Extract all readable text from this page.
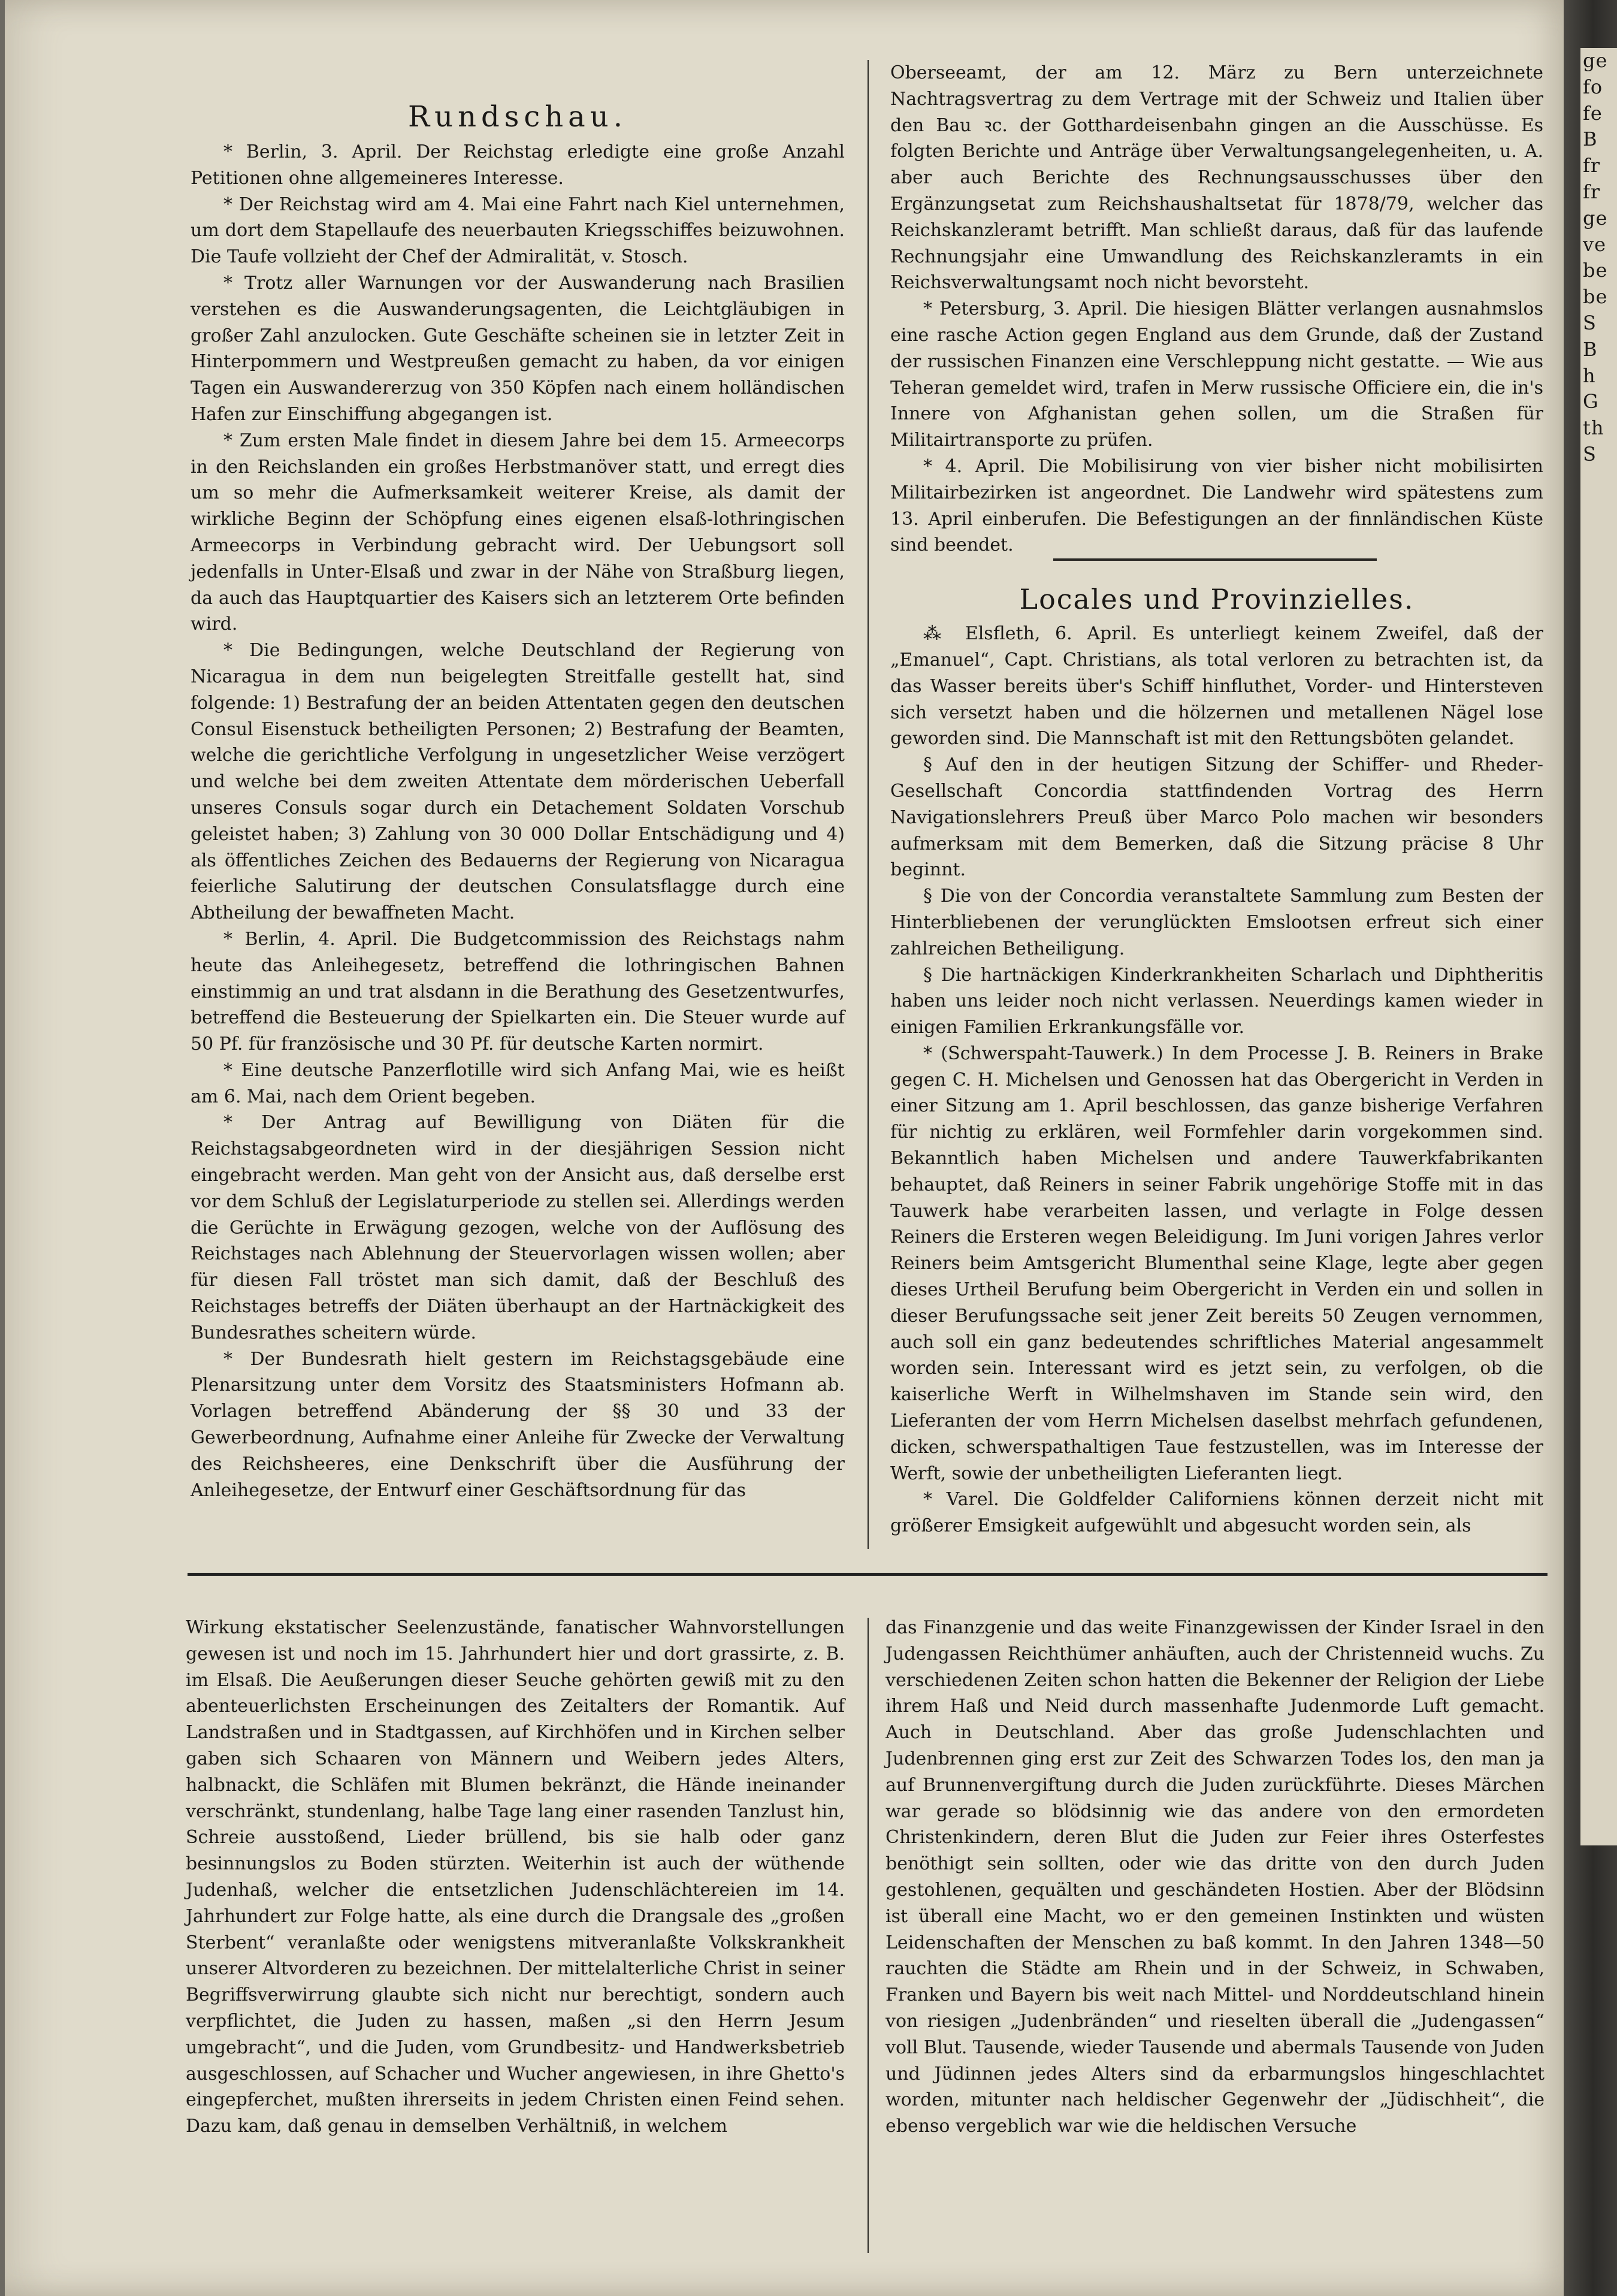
Rundschau.

* Berlin, 3. April. Der Reichstag erledigte eine große Anzahl Petitionen ohne allgemeineres Interesse.

* Der Reichstag wird am 4. Mai eine Fahrt nach Kiel unternehmen, um dort dem Stapellaufe des neuerbauten Kriegsschiffes beizuwohnen. Die Taufe vollzieht der Chef der Admiralität, v. Stosch.

* Trotz aller Warnungen vor der Auswanderung nach Brasilien verstehen es die Auswanderungsagenten, die Leichtgläubigen in großer Zahl anzulocken. Gute Geschäfte scheinen sie in letzter Zeit in Hinterpommern und Westpreußen gemacht zu haben, da vor einigen Tagen ein Auswandererzug von 350 Köpfen nach einem holländischen Hafen zur Einschiffung abgegangen ist.

* Zum ersten Male findet in diesem Jahre bei dem 15. Armeecorps in den Reichslanden ein großes Herbstmanöver statt, und erregt dies um so mehr die Aufmerksamkeit weiterer Kreise, als damit der wirkliche Beginn der Schöpfung eines eigenen elsaß-lothringischen Armeecorps in Verbindung gebracht wird. Der Uebungsort soll jedenfalls in Unter-Elsaß und zwar in der Nähe von Straßburg liegen, da auch das Hauptquartier des Kaisers sich an letzterem Orte befinden wird.

* Die Bedingungen, welche Deutschland der Regierung von Nicaragua in dem nun beigelegten Streitfalle gestellt hat, sind folgende: 1) Bestrafung der an beiden Attentaten gegen den deutschen Consul Eisenstuck betheiligten Personen; 2) Bestrafung der Beamten, welche die gerichtliche Verfolgung in ungesetzlicher Weise verzögert und welche bei dem zweiten Attentate dem mörderischen Ueberfall unseres Consuls sogar durch ein Detachement Soldaten Vorschub geleistet haben; 3) Zahlung von 30 000 Dollar Entschädigung und 4) als öffentliches Zeichen des Bedauerns der Regierung von Nicaragua feierliche Salutirung der deutschen Consulatsflagge durch eine Abtheilung der bewaffneten Macht.

* Berlin, 4. April. Die Budgetcommission des Reichstags nahm heute das Anleihegesetz, betreffend die lothringischen Bahnen einstimmig an und trat alsdann in die Berathung des Gesetzentwurfes, betreffend die Besteuerung der Spielkarten ein. Die Steuer wurde auf 50 Pf. für französische und 30 Pf. für deutsche Karten normirt.

* Eine deutsche Panzerflotille wird sich Anfang Mai, wie es heißt am 6. Mai, nach dem Orient begeben.

* Der Antrag auf Bewilligung von Diäten für die Reichstagsabgeordneten wird in der diesjährigen Session nicht eingebracht werden. Man geht von der Ansicht aus, daß derselbe erst vor dem Schluß der Legislaturperiode zu stellen sei. Allerdings werden die Gerüchte in Erwägung gezogen, welche von der Auflösung des Reichstages nach Ablehnung der Steuervorlagen wissen wollen; aber für diesen Fall tröstet man sich damit, daß der Beschluß des Reichstages betreffs der Diäten überhaupt an der Hartnäckigkeit des Bundesrathes scheitern würde.

* Der Bundesrath hielt gestern im Reichstagsgebäude eine Plenarsitzung unter dem Vorsitz des Staatsministers Hofmann ab. Vorlagen betreffend Abänderung der §§ 30 und 33 der Gewerbeordnung, Aufnahme einer Anleihe für Zwecke der Verwaltung des Reichsheeres, eine Denkschrift über die Ausführung der Anleihegesetze, der Entwurf einer Geschäftsordnung für das

Oberseeamt, der am 12. März zu Bern unterzeichnete Nachtragsvertrag zu dem Vertrage mit der Schweiz und Italien über den Bau ꝛc. der Gotthardeisenbahn gingen an die Ausschüsse. Es folgten Berichte und Anträge über Verwaltungsangelegenheiten, u. A. aber auch Berichte des Rechnungsausschusses über den Ergänzungsetat zum Reichshaushaltsetat für 1878/79, welcher das Reichskanzleramt betrifft. Man schließt daraus, daß für das laufende Rechnungsjahr eine Umwandlung des Reichskanzleramts in ein Reichsverwaltungsamt noch nicht bevorsteht.

* Petersburg, 3. April. Die hiesigen Blätter verlangen ausnahmslos eine rasche Action gegen England aus dem Grunde, daß der Zustand der russischen Finanzen eine Verschleppung nicht gestatte. — Wie aus Teheran gemeldet wird, trafen in Merw russische Officiere ein, die in's Innere von Afghanistan gehen sollen, um die Straßen für Militairtransporte zu prüfen.

* 4. April. Die Mobilisirung von vier bisher nicht mobilisirten Militairbezirken ist angeordnet. Die Landwehr wird spätestens zum 13. April einberufen. Die Befestigungen an der finnländischen Küste sind beendet.

Locales und Provinzielles.

⁂ Elsfleth, 6. April. Es unterliegt keinem Zweifel, daß der „Emanuel“, Capt. Christians, als total verloren zu betrachten ist, da das Wasser bereits über's Schiff hinfluthet, Vorder- und Hintersteven sich versetzt haben und die hölzernen und metallenen Nägel lose geworden sind. Die Mannschaft ist mit den Rettungsböten gelandet.

§ Auf den in der heutigen Sitzung der Schiffer- und Rheder-Gesellschaft Concordia stattfindenden Vortrag des Herrn Navigationslehrers Preuß über Marco Polo machen wir besonders aufmerksam mit dem Bemerken, daß die Sitzung präcise 8 Uhr beginnt.

§ Die von der Concordia veranstaltete Sammlung zum Besten der Hinterbliebenen der verunglückten Emslootsen erfreut sich einer zahlreichen Betheiligung.

§ Die hartnäckigen Kinderkrankheiten Scharlach und Diphtheritis haben uns leider noch nicht verlassen. Neuerdings kamen wieder in einigen Familien Erkrankungsfälle vor.

* (Schwerspaht-Tauwerk.) In dem Processe J. B. Reiners in Brake gegen C. H. Michelsen und Genossen hat das Obergericht in Verden in einer Sitzung am 1. April beschlossen, das ganze bisherige Verfahren für nichtig zu erklären, weil Formfehler darin vorgekommen sind. Bekanntlich haben Michelsen und andere Tauwerkfabrikanten behauptet, daß Reiners in seiner Fabrik ungehörige Stoffe mit in das Tauwerk habe verarbeiten lassen, und verlagte in Folge dessen Reiners die Ersteren wegen Beleidigung. Im Juni vorigen Jahres verlor Reiners beim Amtsgericht Blumenthal seine Klage, legte aber gegen dieses Urtheil Berufung beim Obergericht in Verden ein und sollen in dieser Berufungssache seit jener Zeit bereits 50 Zeugen vernommen, auch soll ein ganz bedeutendes schriftliches Material angesammelt worden sein. Interessant wird es jetzt sein, zu verfolgen, ob die kaiserliche Werft in Wilhelmshaven im Stande sein wird, den Lieferanten der vom Herrn Michelsen daselbst mehrfach gefundenen, dicken, schwerspathaltigen Taue festzustellen, was im Interesse der Werft, sowie der unbetheiligten Lieferanten liegt.

* Varel. Die Goldfelder Californiens können derzeit nicht mit größerer Emsigkeit aufgewühlt und abgesucht worden sein, als

Wirkung ekstatischer Seelenzustände, fanatischer Wahnvorstellungen gewesen ist und noch im 15. Jahrhundert hier und dort grassirte, z. B. im Elsaß. Die Aeußerungen dieser Seuche gehörten gewiß mit zu den abenteuerlichsten Erscheinungen des Zeitalters der Romantik. Auf Landstraßen und in Stadtgassen, auf Kirchhöfen und in Kirchen selber gaben sich Schaaren von Männern und Weibern jedes Alters, halbnackt, die Schläfen mit Blumen bekränzt, die Hände ineinander verschränkt, stundenlang, halbe Tage lang einer rasenden Tanzlust hin, Schreie ausstoßend, Lieder brüllend, bis sie halb oder ganz besinnungslos zu Boden stürzten. Weiterhin ist auch der wüthende Judenhaß, welcher die entsetzlichen Judenschlächtereien im 14. Jahrhundert zur Folge hatte, als eine durch die Drangsale des „großen Sterbent“ veranlaßte oder wenigstens mitveranlaßte Volkskrankheit unserer Altvorderen zu bezeichnen. Der mittelalterliche Christ in seiner Begriffsverwirrung glaubte sich nicht nur berechtigt, sondern auch verpflichtet, die Juden zu hassen, maßen „si den Herrn Jesum umgebracht“, und die Juden, vom Grundbesitz- und Handwerksbetrieb ausgeschlossen, auf Schacher und Wucher angewiesen, in ihre Ghetto's eingepferchet, mußten ihrerseits in jedem Christen einen Feind sehen. Dazu kam, daß genau in demselben Verhältniß, in welchem

das Finanzgenie und das weite Finanzgewissen der Kinder Israel in den Judengassen Reichthümer anhäuften, auch der Christenneid wuchs. Zu verschiedenen Zeiten schon hatten die Bekenner der Religion der Liebe ihrem Haß und Neid durch massenhafte Judenmorde Luft gemacht. Auch in Deutschland. Aber das große Judenschlachten und Judenbrennen ging erst zur Zeit des Schwarzen Todes los, den man ja auf Brunnenvergiftung durch die Juden zurückführte. Dieses Märchen war gerade so blödsinnig wie das andere von den ermordeten Christenkindern, deren Blut die Juden zur Feier ihres Osterfestes benöthigt sein sollten, oder wie das dritte von den durch Juden gestohlenen, gequälten und geschändeten Hostien. Aber der Blödsinn ist überall eine Macht, wo er den gemeinen Instinkten und wüsten Leidenschaften der Menschen zu baß kommt. In den Jahren 1348—50 rauchten die Städte am Rhein und in der Schweiz, in Schwaben, Franken und Bayern bis weit nach Mittel- und Norddeutschland hinein von riesigen „Judenbränden“ und rieselten überall die „Judengassen“ voll Blut. Tausende, wieder Tausende und abermals Tausende von Juden und Jüdinnen jedes Alters sind da erbarmungslos hingeschlachtet worden, mitunter nach heldischer Gegenwehr der „Jüdischheit“, die ebenso vergeblich war wie die heldischen Versuche

ge
fo
fe
B
fr
fr
ge
ve
be
be
S
B
h
G
th
S
